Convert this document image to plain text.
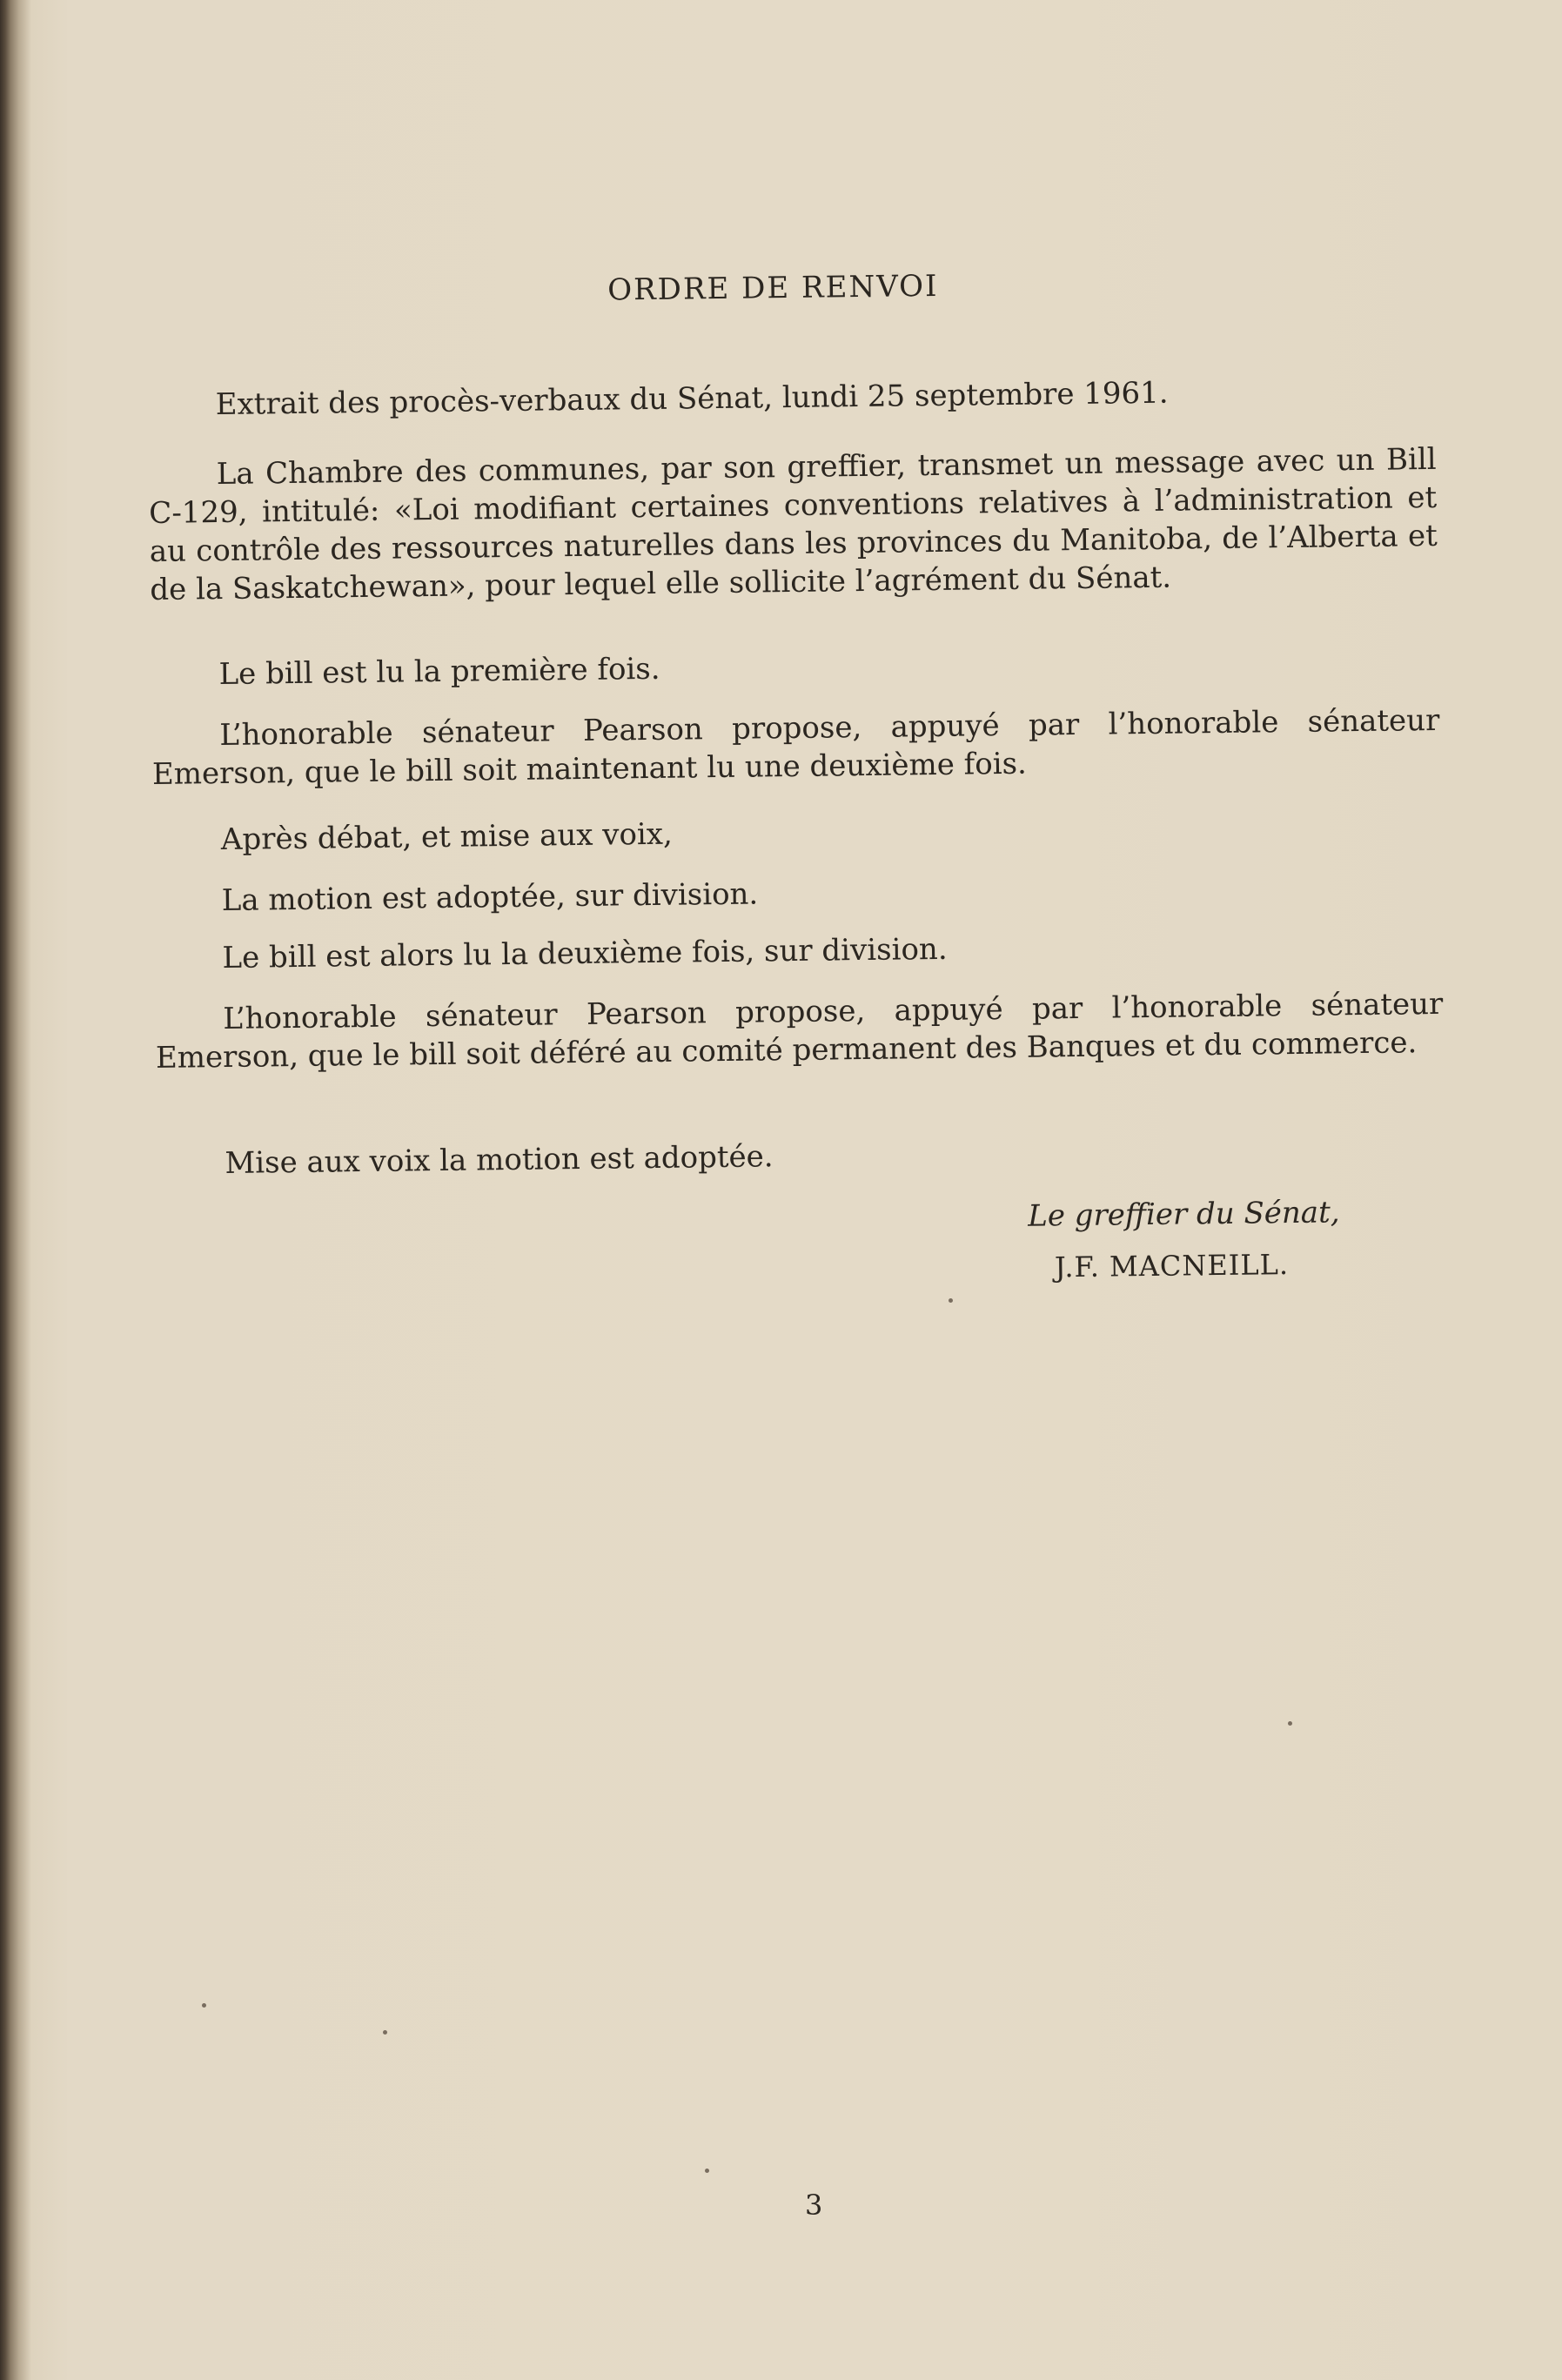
ORDRE DE RENVOI

Extrait des procès-verbaux du Sénat, lundi 25 septembre 1961.

La Chambre des communes, par son greffier, transmet un message avec un Bill C-129, intitulé: «Loi modifiant certaines conventions relatives à l’administration et au contrôle des ressources naturelles dans les provinces du Manitoba, de l’Alberta et de la Saskatchewan», pour lequel elle sollicite l’agrément du Sénat.

Le bill est lu la première fois.

L’honorable sénateur Pearson propose, appuyé par l’honorable sénateur Emerson, que le bill soit maintenant lu une deuxième fois.

Après débat, et mise aux voix,

La motion est adoptée, sur division.

Le bill est alors lu la deuxième fois, sur division.

L’honorable sénateur Pearson propose, appuyé par l’honorable sénateur Emerson, que le bill soit déféré au comité permanent des Banques et du commerce.

Mise aux voix la motion est adoptée.

Le greffier du Sénat,
J.F. MACNEILL.
3
